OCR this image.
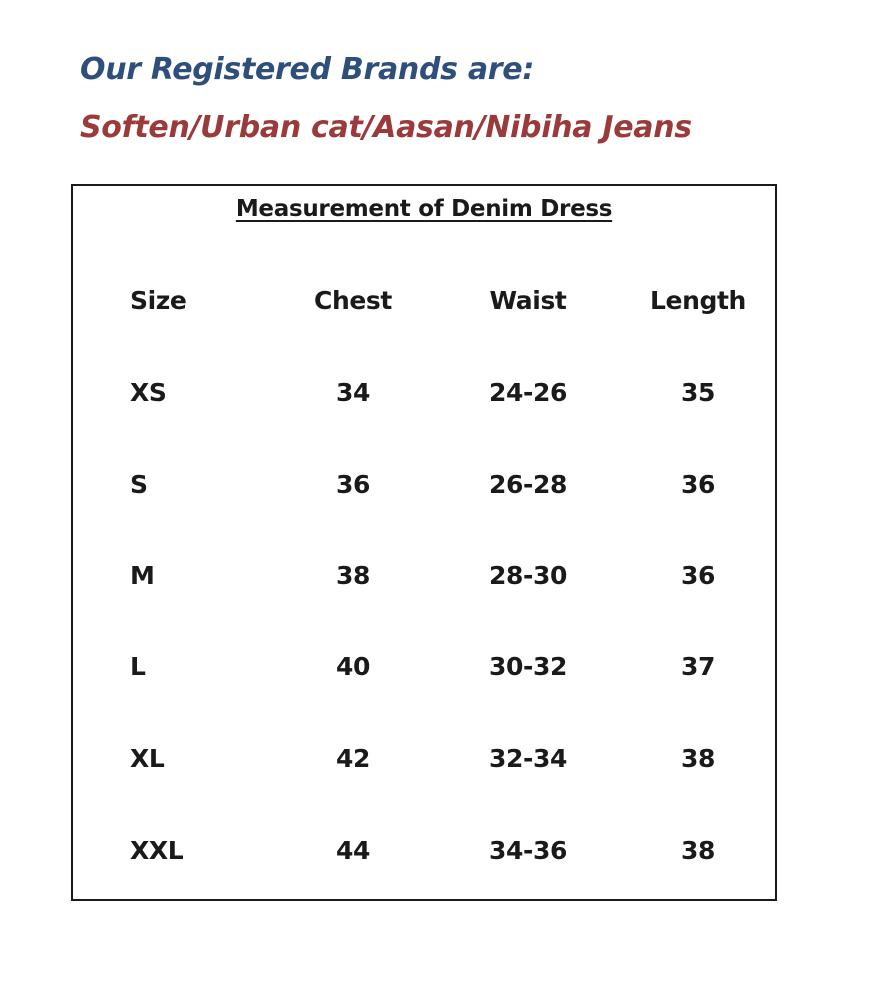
Our Registered Brands are:
Soften/Urban cat/Aasan/Nibiha Jeans
Measurement of Denim Dress
Size	Chest	Waist	Length
XS	34	24-26	35
S	36	26-28	36
M	38	28-30	36
L	40	30-32	37
XL	42	32-34	38
XXL	44	34-36	38
